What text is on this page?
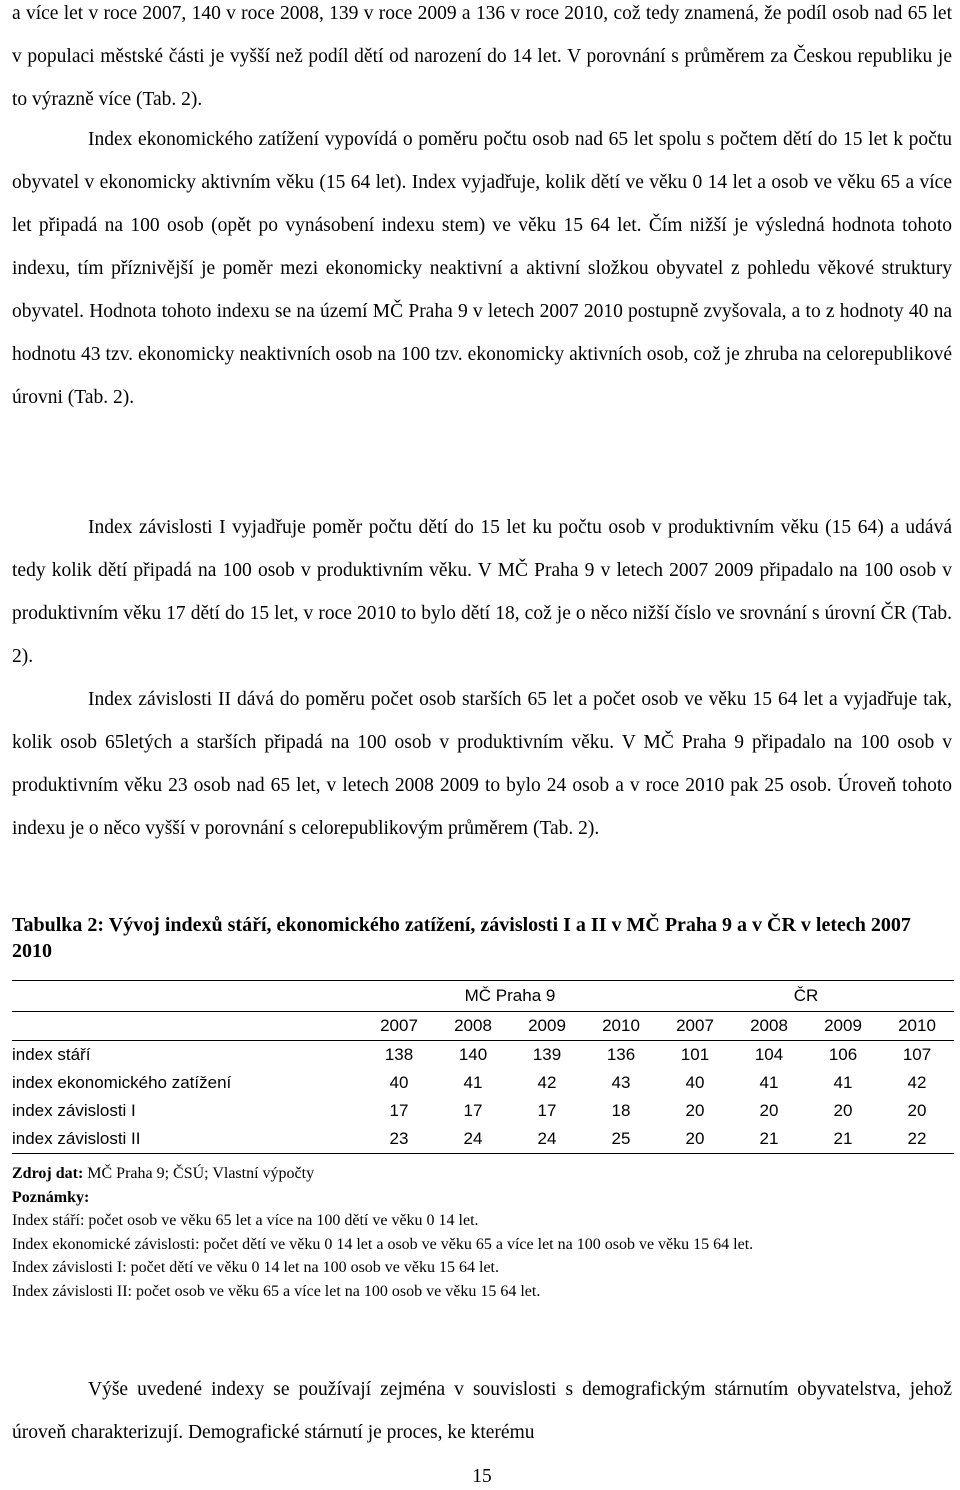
a více let v roce 2007, 140 v roce 2008, 139 v roce 2009 a 136 v roce 2010, což tedy znamená, že podíl osob nad 65 let v populaci městské části je vyšší než podíl dětí od narození do 14 let. V porovnání s průměrem za Českou republiku je to výrazně více (Tab. 2).

Index ekonomického zatížení vypovídá o poměru počtu osob nad 65 let spolu s počtem dětí do 15 let k počtu obyvatel v ekonomicky aktivním věku (15 64 let). Index vyjadřuje, kolik dětí ve věku 0 14 let a osob ve věku 65 a více let připadá na 100 osob (opět po vynásobení indexu stem) ve věku 15 64 let. Čím nižší je výsledná hodnota tohoto indexu, tím příznivější je poměr mezi ekonomicky neaktivní a aktivní složkou obyvatel z pohledu věkové struktury obyvatel. Hodnota tohoto indexu se na území MČ Praha 9 v letech 2007 2010 postupně zvyšovala, a to z hodnoty 40 na hodnotu 43 tzv. ekonomicky neaktivních osob na 100 tzv. ekonomicky aktivních osob, což je zhruba na celorepublikové úrovni (Tab. 2).

Index závislosti I vyjadřuje poměr počtu dětí do 15 let ku počtu osob v produktivním věku (15 64) a udává tedy kolik dětí připadá na 100 osob v produktivním věku. V MČ Praha 9 v letech 2007 2009 připadalo na 100 osob v produktivním věku 17 dětí do 15 let, v roce 2010 to bylo dětí 18, což je o něco nižší číslo ve srovnání s úrovní ČR (Tab. 2).

Index závislosti II dává do poměru počet osob starších 65 let a počet osob ve věku 15 64 let a vyjadřuje tak, kolik osob 65letých a starších připadá na 100 osob v produktivním věku. V MČ Praha 9 připadalo na 100 osob v produktivním věku 23 osob nad 65 let, v letech 2008 2009 to bylo 24 osob a v roce 2010 pak 25 osob. Úroveň tohoto indexu je o něco vyšší v porovnání s celorepublikovým průměrem (Tab. 2).

Tabulka 2: Vývoj indexů stáří, ekonomického zatížení, závislosti I a II v MČ Praha 9 a v ČR v letech 2007 2010
	MČ Praha 9				ČR			
	2007	2008	2009	2010	2007	2008	2009	2010
index stáří	138	140	139	136	101	104	106	107
index ekonomického zatížení	40	41	42	43	40	41	41	42
index závislosti I	17	17	17	18	20	20	20	20
index závislosti II	23	24	24	25	20	21	21	22
Zdroj dat: MČ Praha 9; ČSÚ; Vlastní výpočty
Poznámky:
Index stáří: počet osob ve věku 65 let a více na 100 dětí ve věku 0 14 let.
Index ekonomické závislosti: počet dětí ve věku 0 14 let a osob ve věku 65 a více let na 100 osob ve věku 15 64 let.
Index závislosti I: počet dětí ve věku 0 14 let na 100 osob ve věku 15 64 let.
Index závislosti II: počet osob ve věku 65 a více let na 100 osob ve věku 15 64 let.

Výše uvedené indexy se používají zejména v souvislosti s demografickým stárnutím obyvatelstva, jehož úroveň charakterizují. Demografické stárnutí je proces, ke kterému

15
